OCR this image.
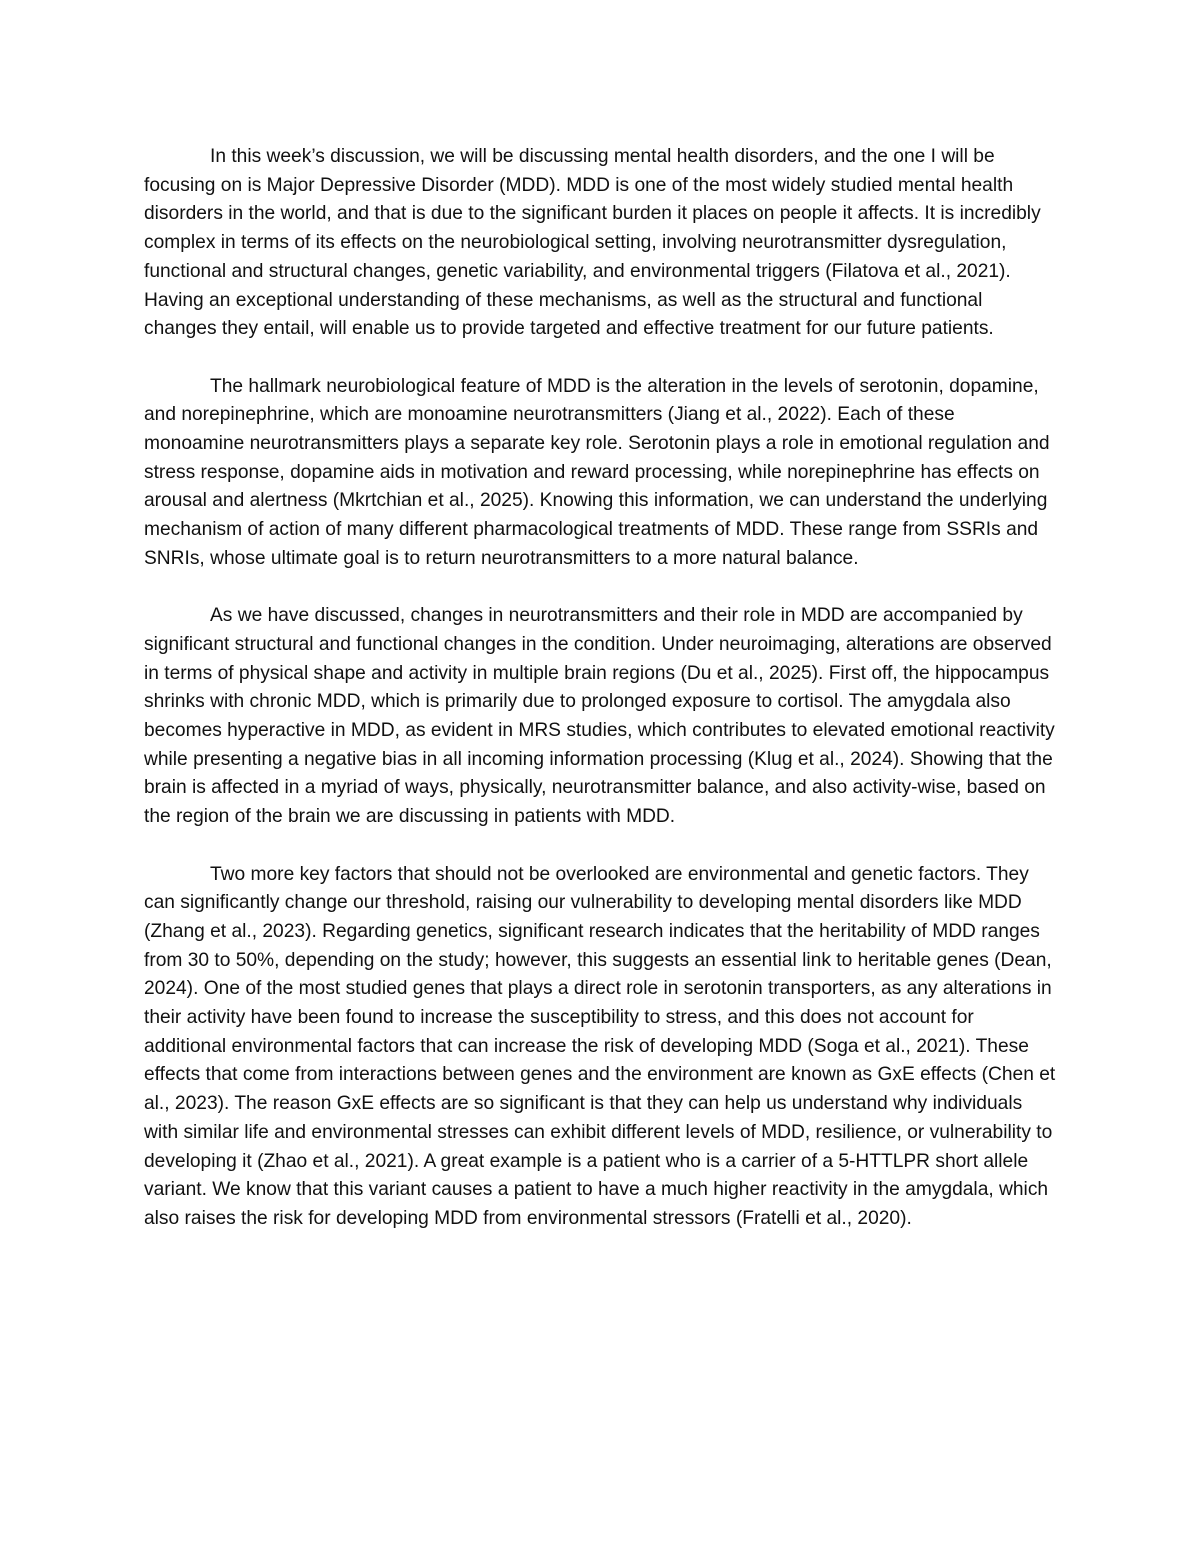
In this week’s discussion, we will be discussing mental health disorders, and the one I will be focusing on is Major Depressive Disorder (MDD). MDD is one of the most widely studied mental health disorders in the world, and that is due to the significant burden it places on people it affects. It is incredibly complex in terms of its effects on the neurobiological setting, involving neurotransmitter dysregulation, functional and structural changes, genetic variability, and environmental triggers (Filatova et al., 2021). Having an exceptional understanding of these mechanisms, as well as the structural and functional changes they entail, will enable us to provide targeted and effective treatment for our future patients.

The hallmark neurobiological feature of MDD is the alteration in the levels of serotonin, dopamine, and norepinephrine, which are monoamine neurotransmitters (Jiang et al., 2022). Each of these monoamine neurotransmitters plays a separate key role. Serotonin plays a role in emotional regulation and stress response, dopamine aids in motivation and reward processing, while norepinephrine has effects on arousal and alertness (Mkrtchian et al., 2025). Knowing this information, we can understand the underlying mechanism of action of many different pharmacological treatments of MDD. These range from SSRIs and SNRIs, whose ultimate goal is to return neurotransmitters to a more natural balance.

As we have discussed, changes in neurotransmitters and their role in MDD are accompanied by significant structural and functional changes in the condition. Under neuroimaging, alterations are observed in terms of physical shape and activity in multiple brain regions (Du et al., 2025). First off, the hippocampus shrinks with chronic MDD, which is primarily due to prolonged exposure to cortisol. The amygdala also becomes hyperactive in MDD, as evident in MRS studies, which contributes to elevated emotional reactivity while presenting a negative bias in all incoming information processing (Klug et al., 2024). Showing that the brain is affected in a myriad of ways, physically, neurotransmitter balance, and also activity-wise, based on the region of the brain we are discussing in patients with MDD.

Two more key factors that should not be overlooked are environmental and genetic factors. They can significantly change our threshold, raising our vulnerability to developing mental disorders like MDD (Zhang et al., 2023). Regarding genetics, significant research indicates that the heritability of MDD ranges from 30 to 50%, depending on the study; however, this suggests an essential link to heritable genes (Dean, 2024). One of the most studied genes that plays a direct role in serotonin transporters, as any alterations in their activity have been found to increase the susceptibility to stress, and this does not account for additional environmental factors that can increase the risk of developing MDD (Soga et al., 2021). These effects that come from interactions between genes and the environment are known as GxE effects (Chen et al., 2023). The reason GxE effects are so significant is that they can help us understand why individuals with similar life and environmental stresses can exhibit different levels of MDD, resilience, or vulnerability to developing it (Zhao et al., 2021). A great example is a patient who is a carrier of a 5-HTTLPR short allele variant. We know that this variant causes a patient to have a much higher reactivity in the amygdala, which also raises the risk for developing MDD from environmental stressors (Fratelli et al., 2020).
